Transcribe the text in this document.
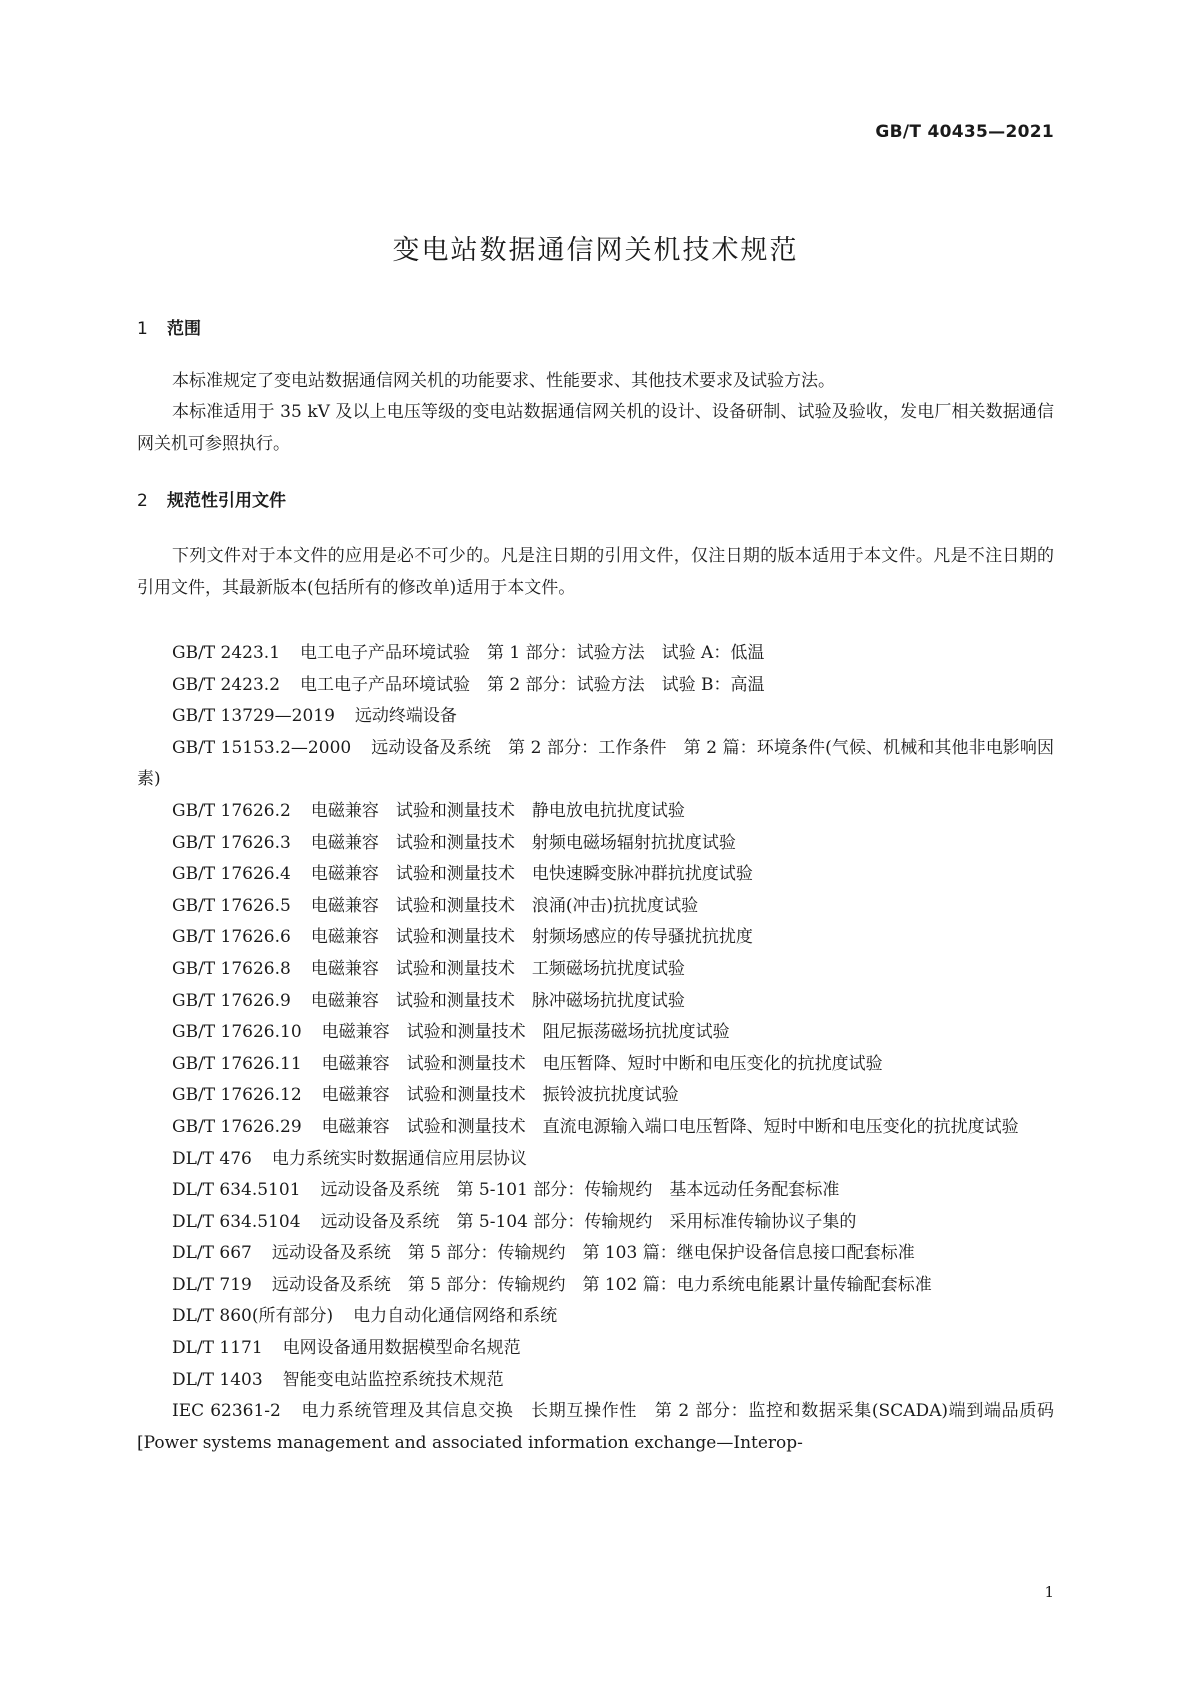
GB/T 40435—2021
变电站数据通信网关机技术规范
1 范围
本标准规定了变电站数据通信网关机的功能要求、性能要求、其他技术要求及试验方法。
本标准适用于 35 kV 及以上电压等级的变电站数据通信网关机的设计、设备研制、试验及验收，发电厂相关数据通信网关机可参照执行。
2 规范性引用文件
下列文件对于本文件的应用是必不可少的。凡是注日期的引用文件，仅注日期的版本适用于本文件。凡是不注日期的引用文件，其最新版本(包括所有的修改单)适用于本文件。
GB/T 2423.1 电工电子产品环境试验　第 1 部分：试验方法　试验 A：低温
GB/T 2423.2 电工电子产品环境试验　第 2 部分：试验方法　试验 B：高温
GB/T 13729—2019 远动终端设备
GB/T 15153.2—2000 远动设备及系统　第 2 部分：工作条件　第 2 篇：环境条件(气候、机械和其他非电影响因素)
GB/T 17626.2 电磁兼容　试验和测量技术　静电放电抗扰度试验
GB/T 17626.3 电磁兼容　试验和测量技术　射频电磁场辐射抗扰度试验
GB/T 17626.4 电磁兼容　试验和测量技术　电快速瞬变脉冲群抗扰度试验
GB/T 17626.5 电磁兼容　试验和测量技术　浪涌(冲击)抗扰度试验
GB/T 17626.6 电磁兼容　试验和测量技术　射频场感应的传导骚扰抗扰度
GB/T 17626.8 电磁兼容　试验和测量技术　工频磁场抗扰度试验
GB/T 17626.9 电磁兼容　试验和测量技术　脉冲磁场抗扰度试验
GB/T 17626.10 电磁兼容　试验和测量技术　阻尼振荡磁场抗扰度试验
GB/T 17626.11 电磁兼容　试验和测量技术　电压暂降、短时中断和电压变化的抗扰度试验
GB/T 17626.12 电磁兼容　试验和测量技术　振铃波抗扰度试验
GB/T 17626.29 电磁兼容　试验和测量技术　直流电源输入端口电压暂降、短时中断和电压变化的抗扰度试验
DL/T 476 电力系统实时数据通信应用层协议
DL/T 634.5101 远动设备及系统　第 5-101 部分：传输规约　基本远动任务配套标准
DL/T 634.5104 远动设备及系统　第 5-104 部分：传输规约　采用标准传输协议子集的
DL/T 667 远动设备及系统　第 5 部分：传输规约　第 103 篇：继电保护设备信息接口配套标准
DL/T 719 远动设备及系统　第 5 部分：传输规约　第 102 篇：电力系统电能累计量传输配套标准
DL/T 860(所有部分) 电力自动化通信网络和系统
DL/T 1171 电网设备通用数据模型命名规范
DL/T 1403 智能变电站监控系统技术规范
IEC 62361-2 电力系统管理及其信息交换　长期互操作性　第 2 部分：监控和数据采集(SCADA)端到端品质码 [Power systems management and associated information exchange—Interop-
1
